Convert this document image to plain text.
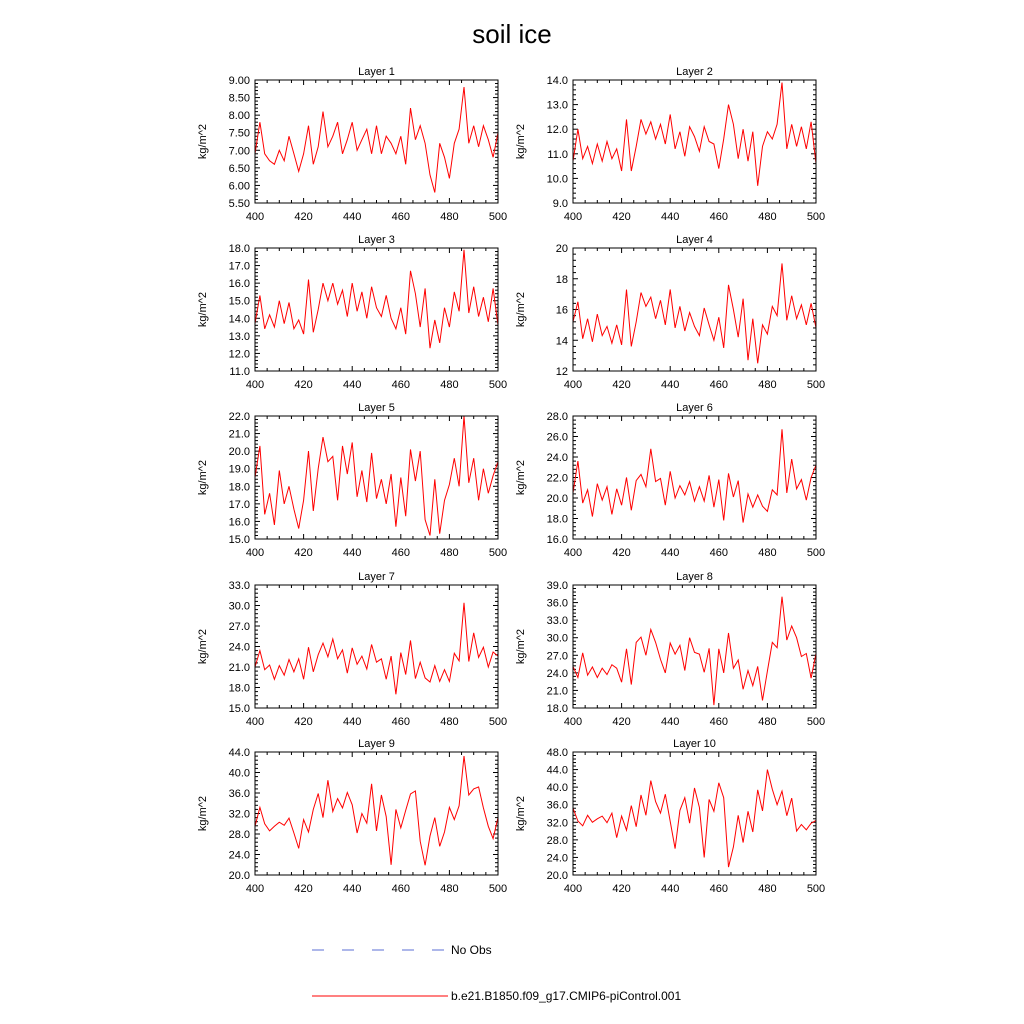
soil ice
Layer 1
kg/m^2
400	420	440	460	480	500
9.00
8.50
8.00
7.50
7.00
6.50
6.00
5.50
Layer 2
kg/m^2
400	420	440	460	480	500
14.0
13.0
12.0
11.0
10.0
9.0
Layer 3
kg/m^2
400	420	440	460	480	500
18.0
17.0
16.0
15.0
14.0
13.0
12.0
11.0
Layer 4
kg/m^2
400	420	440	460	480	500
20
18
16
14
12
Layer 5
kg/m^2
400	420	440	460	480	500
22.0
21.0
20.0
19.0
18.0
17.0
16.0
15.0
Layer 6
kg/m^2
400	420	440	460	480	500
28.0
26.0
24.0
22.0
20.0
18.0
16.0
Layer 7
kg/m^2
400	420	440	460	480	500
33.0
30.0
27.0
24.0
21.0
18.0
15.0
Layer 8
kg/m^2
400	420	440	460	480	500
39.0
36.0
33.0
30.0
27.0
24.0
21.0
18.0
Layer 9
kg/m^2
400	420	440	460	480	500
44.0
40.0
36.0
32.0
28.0
24.0
20.0
Layer 10
kg/m^2
400	420	440	460	480	500
48.0
44.0
40.0
36.0
32.0
28.0
24.0
20.0
No Obs
b.e21.B1850.f09_g17.CMIP6-piControl.001
